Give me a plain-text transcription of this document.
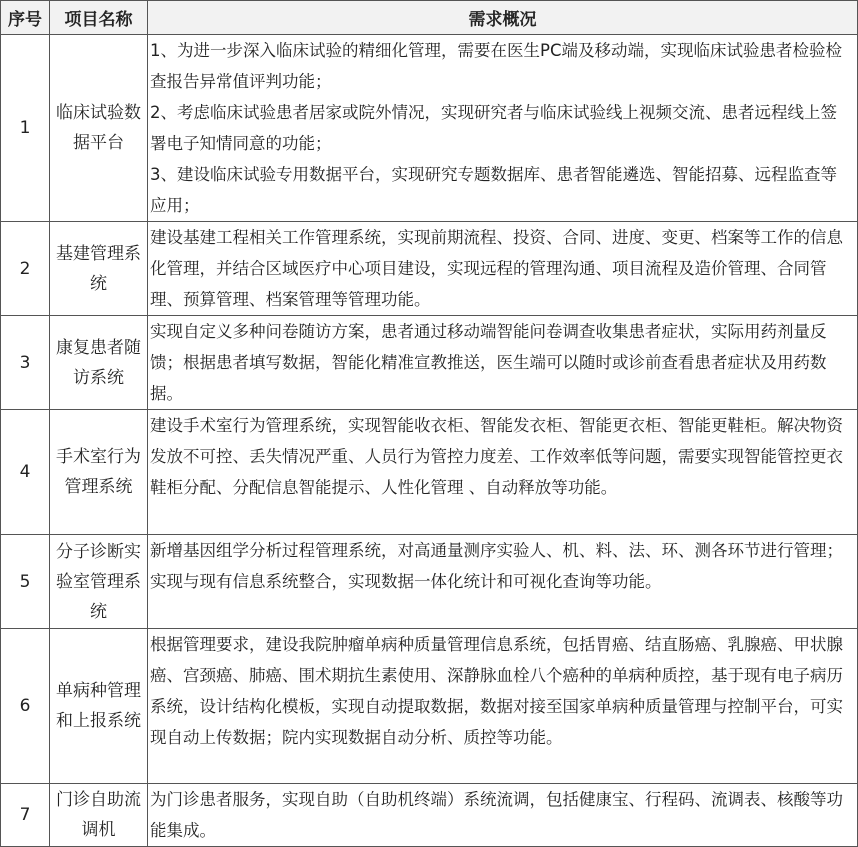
序号	项目名称	需求概况
1	临床试验数据平台	1、为进一步深入临床试验的精细化管理，需要在医生PC端及移动端，实现临床试验患者检验检查报告异常值评判功能；
2、考虑临床试验患者居家或院外情况，实现研究者与临床试验线上视频交流、患者远程线上签署电子知情同意的功能；
3、建设临床试验专用数据平台，实现研究专题数据库、患者智能遴选、智能招募、远程监查等应用；

2	基建管理系统	建设基建工程相关工作管理系统，实现前期流程、投资、合同、进度、变更、档案等工作的信息化管理，并结合区域医疗中心项目建设，实现远程的管理沟通、项目流程及造价管理、合同管理、预算管理、档案管理等管理功能。

3	康复患者随访系统	实现自定义多种问卷随访方案，患者通过移动端智能问卷调查收集患者症状，实际用药剂量反馈；根据患者填写数据，智能化精准宣教推送，医生端可以随时或诊前查看患者症状及用药数据。

4	手术室行为管理系统	建设手术室行为管理系统，实现智能收衣柜、智能发衣柜、智能更衣柜、智能更鞋柜。解决物资发放不可控、丢失情况严重、人员行为管控力度差、工作效率低等问题，需要实现智能管控更衣鞋柜分配、分配信息智能提示、人性化管理 、自动释放等功能。

5	分子诊断实验室管理系统	新增基因组学分析过程管理系统，对高通量测序实验人、机、料、法、环、测各环节进行管理；实现与现有信息系统整合，实现数据一体化统计和可视化查询等功能。

6	单病种管理和上报系统	根据管理要求，建设我院肿瘤单病种质量管理信息系统，包括胃癌、结直肠癌、乳腺癌、甲状腺癌、宫颈癌、肺癌、围术期抗生素使用、深静脉血栓八个癌种的单病种质控，基于现有电子病历系统，设计结构化模板，实现自动提取数据，数据对接至国家单病种质量管理与控制平台，可实现自动上传数据；院内实现数据自动分析、质控等功能。

7	门诊自助流调机	为门诊患者服务，实现自助（自助机终端）系统流调，包括健康宝、行程码、流调表、核酸等功能集成。
